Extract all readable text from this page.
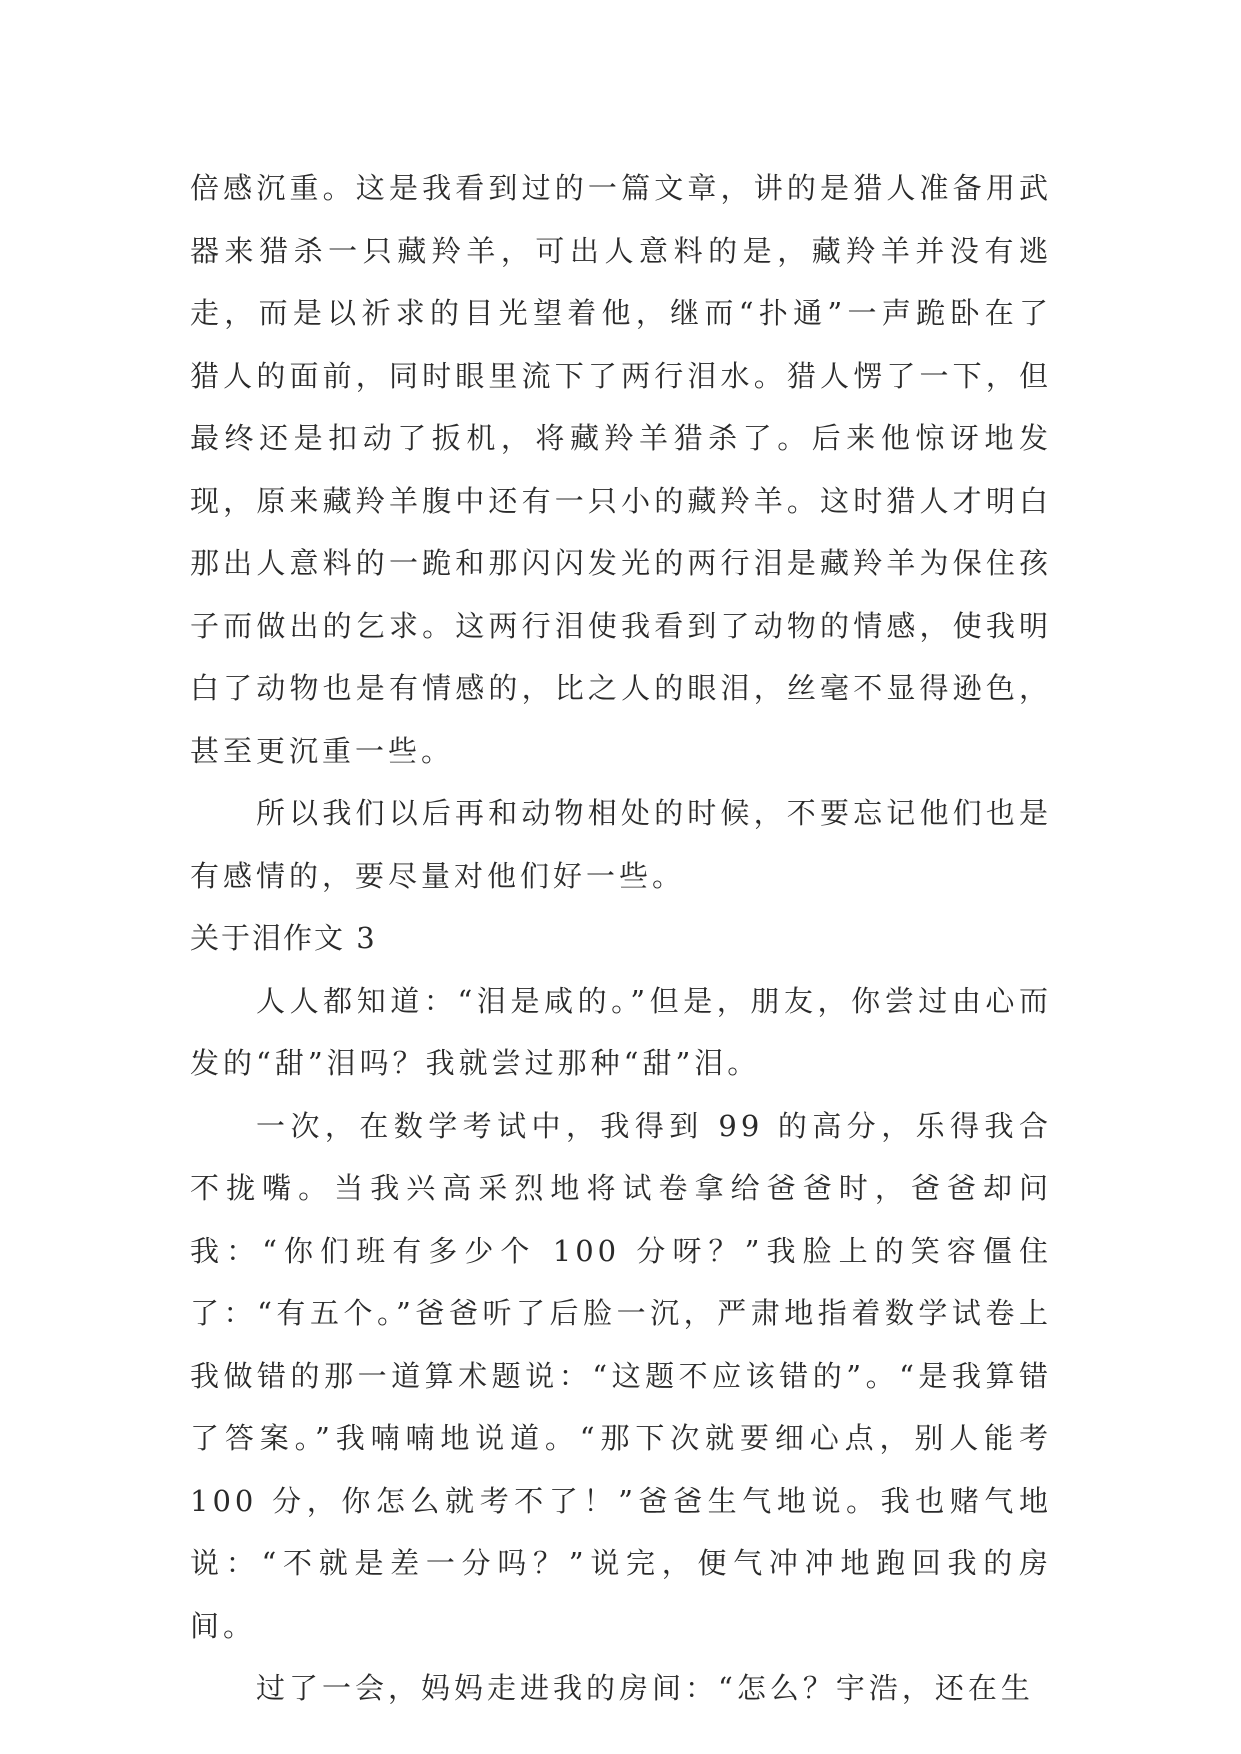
倍感沉重。这是我看到过的一篇文章，讲的是猎人准备用武器来猎杀一只藏羚羊，可出人意料的是，藏羚羊并没有逃走，而是以祈求的目光望着他，继而“扑通”一声跪卧在了猎人的面前，同时眼里流下了两行泪水。猎人愣了一下，但最终还是扣动了扳机，将藏羚羊猎杀了。后来他惊讶地发现，原来藏羚羊腹中还有一只小的藏羚羊。这时猎人才明白那出人意料的一跪和那闪闪发光的两行泪是藏羚羊为保住孩子而做出的乞求。这两行泪使我看到了动物的情感，使我明白了动物也是有情感的，比之人的眼泪，丝毫不显得逊色，甚至更沉重一些。

所以我们以后再和动物相处的时候，不要忘记他们也是有感情的，要尽量对他们好一些。

关于泪作文 3

人人都知道：“泪是咸的。”但是，朋友，你尝过由心而发的“甜”泪吗？我就尝过那种“甜”泪。

一次，在数学考试中，我得到 99 的高分，乐得我合不拢嘴。当我兴高采烈地将试卷拿给爸爸时，爸爸却问我：“你们班有多少个 100 分呀？”我脸上的笑容僵住了：“有五个。”爸爸听了后脸一沉，严肃地指着数学试卷上我做错的那一道算术题说：“这题不应该错的”。“是我算错了答案。”我喃喃地说道。“那下次就要细心点，别人能考 100 分，你怎么就考不了！”爸爸生气地说。我也赌气地说：“不就是差一分吗？”说完，便气冲冲地跑回我的房间。

过了一会，妈妈走进我的房间：“怎么？宇浩，还在生
